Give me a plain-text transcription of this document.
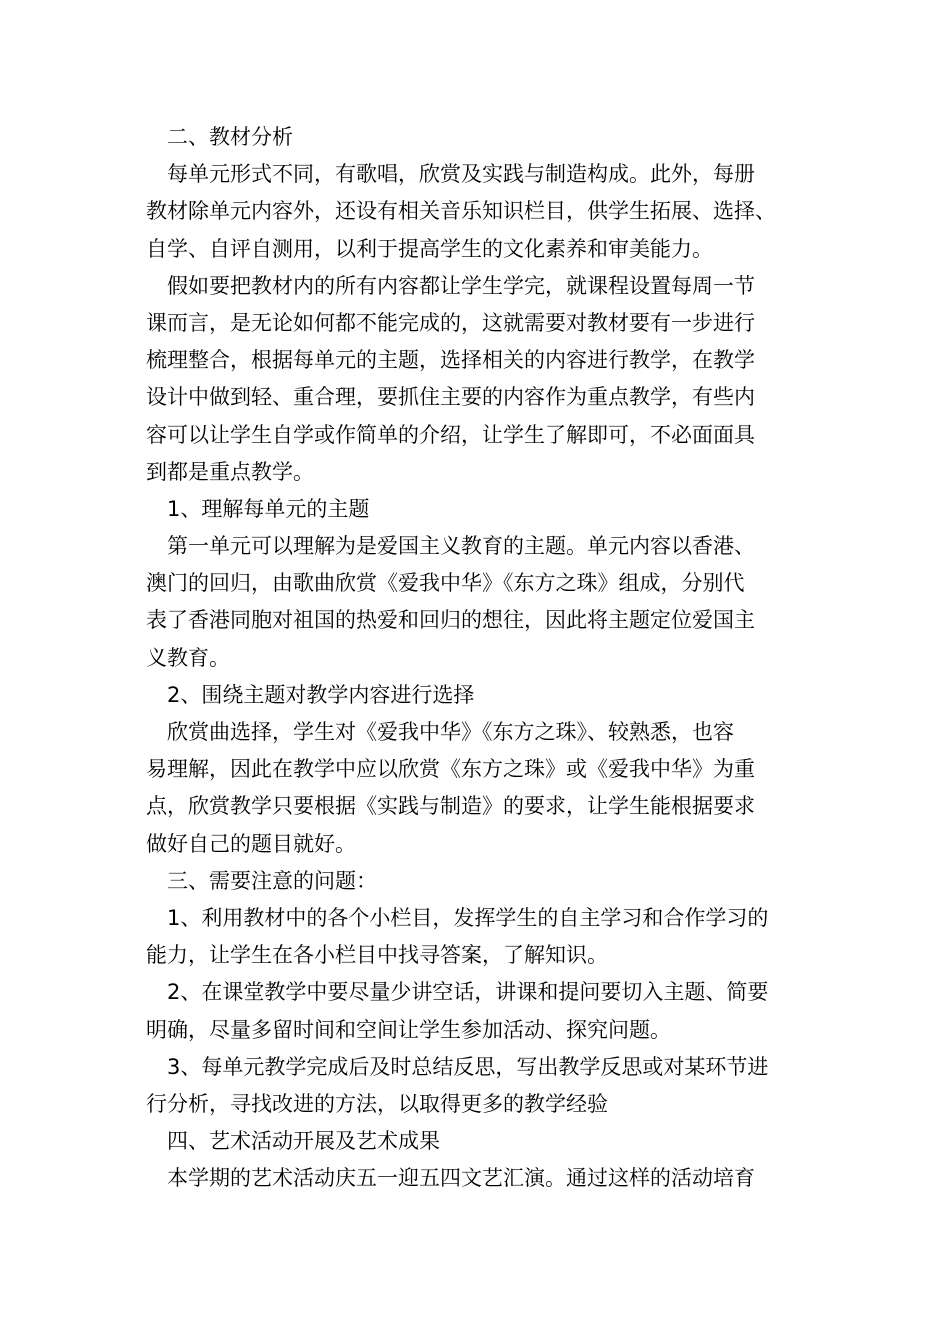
二、教材分析
　每单元形式不同，有歌唱，欣赏及实践与制造构成。此外，每册
教材除单元内容外，还设有相关音乐知识栏目，供学生拓展、选择、
自学、自评自测用，以利于提高学生的文化素养和审美能力。
　假如要把教材内的所有内容都让学生学完，就课程设置每周一节
课而言，是无论如何都不能完成的，这就需要对教材要有一步进行
梳理整合，根据每单元的主题，选择相关的内容进行教学，在教学
设计中做到轻、重合理，要抓住主要的内容作为重点教学，有些内
容可以让学生自学或作简单的介绍，让学生了解即可，不必面面具
到都是重点教学。
1、理解每单元的主题
　第一单元可以理解为是爱国主义教育的主题。单元内容以香港、
澳门的回归，由歌曲欣赏《爱我中华》《东方之珠》组成，分别代
表了香港同胞对祖国的热爱和回归的想往，因此将主题定位爱国主
义教育。
2、围绕主题对教学内容进行选择
　欣赏曲选择，学生对《爱我中华》《东方之珠》、较熟悉，也容
易理解，因此在教学中应以欣赏《东方之珠》或《爱我中华》为重
点，欣赏教学只要根据《实践与制造》的要求，让学生能根据要求
做好自己的题目就好。
三、需要注意的问题：
　1、利用教材中的各个小栏目，发挥学生的自主学习和合作学习的
能力，让学生在各小栏目中找寻答案，了解知识。
　2、在课堂教学中要尽量少讲空话，讲课和提问要切入主题、简要
明确，尽量多留时间和空间让学生参加活动、探究问题。
　3、每单元教学完成后及时总结反思，写出教学反思或对某环节进
行分析，寻找改进的方法，以取得更多的教学经验
四、艺术活动开展及艺术成果
　本学期的艺术活动庆五一迎五四文艺汇演。通过这样的活动培育
